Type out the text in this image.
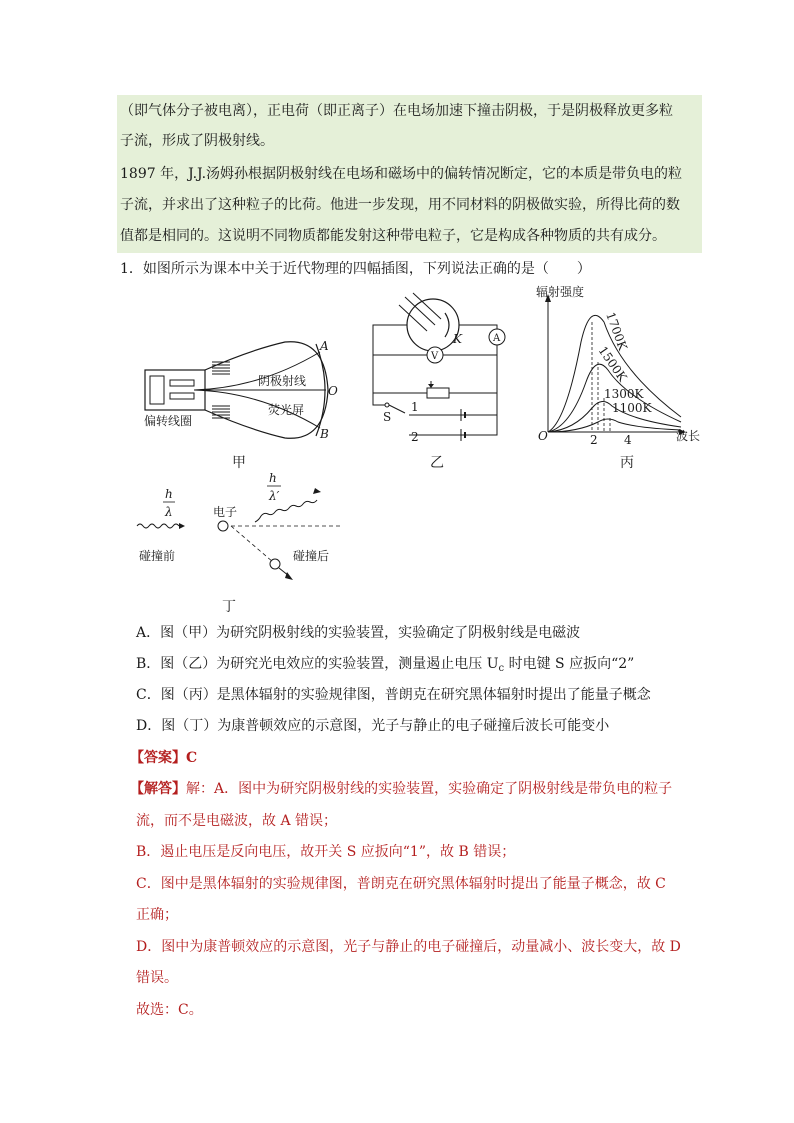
（即气体分子被电离），正电荷（即正离子）在电场加速下撞击阴极，于是阴极释放更多粒
子流，形成了阴极射线。
1897 年，J.J.汤姆孙根据阴极射线在电场和磁场中的偏转情况断定，它的本质是带负电的粒
子流，并求出了这种粒子的比荷。他进一步发现，用不同材料的阴极做实验，所得比荷的数
值都是相同的。这说明不同物质都能发射这种带电粒子，它是构成各种物质的共有成分。
1．如图所示为课本中关于近代物理的四幅插图，下列说法正确的是（　　）
A
O
B
阴极射线
荧光屏
偏转线圈
甲
K	A
V
S
1
2
乙
辐射强度
波长
O	2 4
1700K
1500K
1300K
1100K
丙
h
λ	电子
碰撞前
h
λ′
碰撞后
丁
A．图（甲）为研究阴极射线的实验装置，实验确定了阴极射线是电磁波
B．图（乙）为研究光电效应的实验装置，测量遏止电压 $U_c$ 时电键 S 应扳向“2”
C．图（丙）是黑体辐射的实验规律图，普朗克在研究黑体辐射时提出了能量子概念
D．图（丁）为康普顿效应的示意图，光子与静止的电子碰撞后波长可能变小
【答案】C
【解答】解：A．图中为研究阴极射线的实验装置，实验确定了阴极射线是带负电的粒子
流，而不是电磁波，故 A 错误；
B．遏止电压是反向电压，故开关 S 应扳向“1”，故 B 错误；
C．图中是黑体辐射的实验规律图，普朗克在研究黑体辐射时提出了能量子概念，故 C
正确；
D．图中为康普顿效应的示意图，光子与静止的电子碰撞后，动量减小、波长变大，故 D
错误。
故选：C。
